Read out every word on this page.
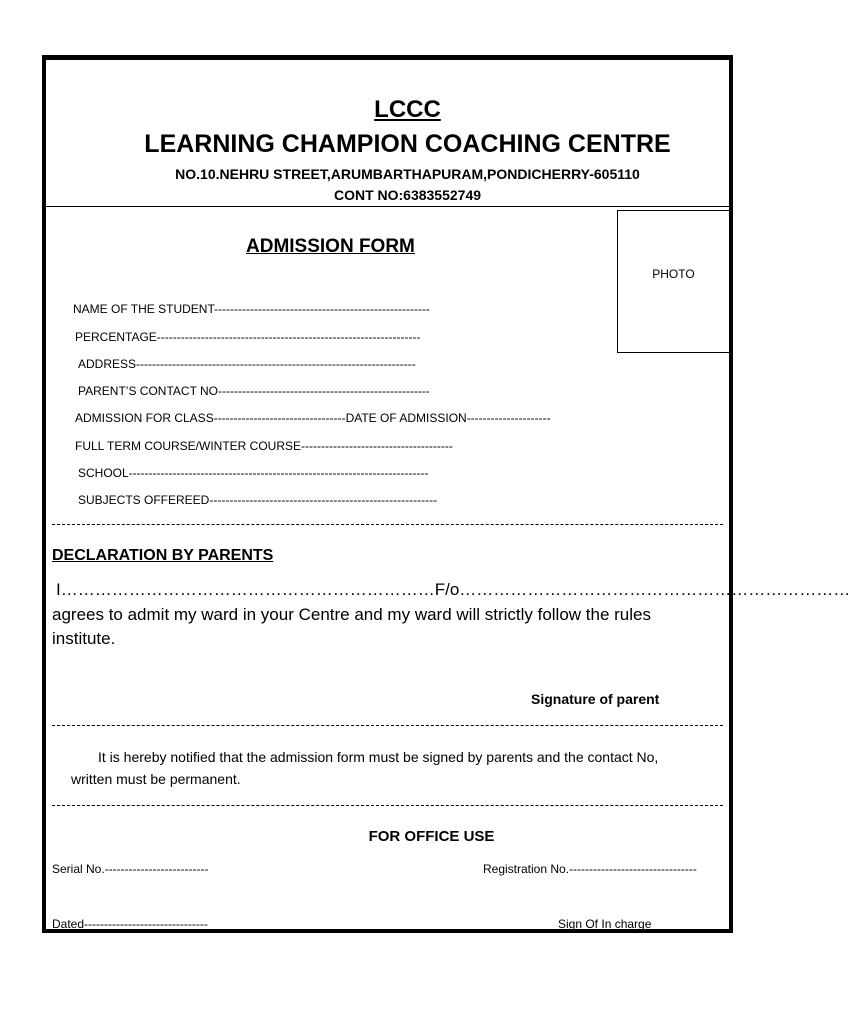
LCCC
LEARNING CHAMPION COACHING CENTRE
NO.10.NEHRU STREET,ARUMBARTHAPURAM,PONDICHERRY-605110
CONT NO:6383552749
ADMISSION FORM
PHOTO
NAME OF THE STUDENT------------------------------------------------------
PERCENTAGE------------------------------------------------------------------
ADDRESS----------------------------------------------------------------------
PARENT’S CONTACT NO-----------------------------------------------------
ADMISSION FOR CLASS---------------------------------DATE OF ADMISSION---------------------
FULL TERM COURSE/WINTER COURSE--------------------------------------
SCHOOL---------------------------------------------------------------------------
SUBJECTS OFFEREED---------------------------------------------------------
DECLARATION BY PARENTS
I…………………………………………………………F/o……………………………………………………………
agrees to admit my ward in your Centre and my ward will strictly follow the rules
institute.
Signature of parent
It is hereby notified that the admission form must be signed by parents and the contact No,
written must be permanent.
FOR OFFICE USE
Serial No.--------------------------	Registration No.--------------------------------
Dated-------------------------------	Sign Of In charge
